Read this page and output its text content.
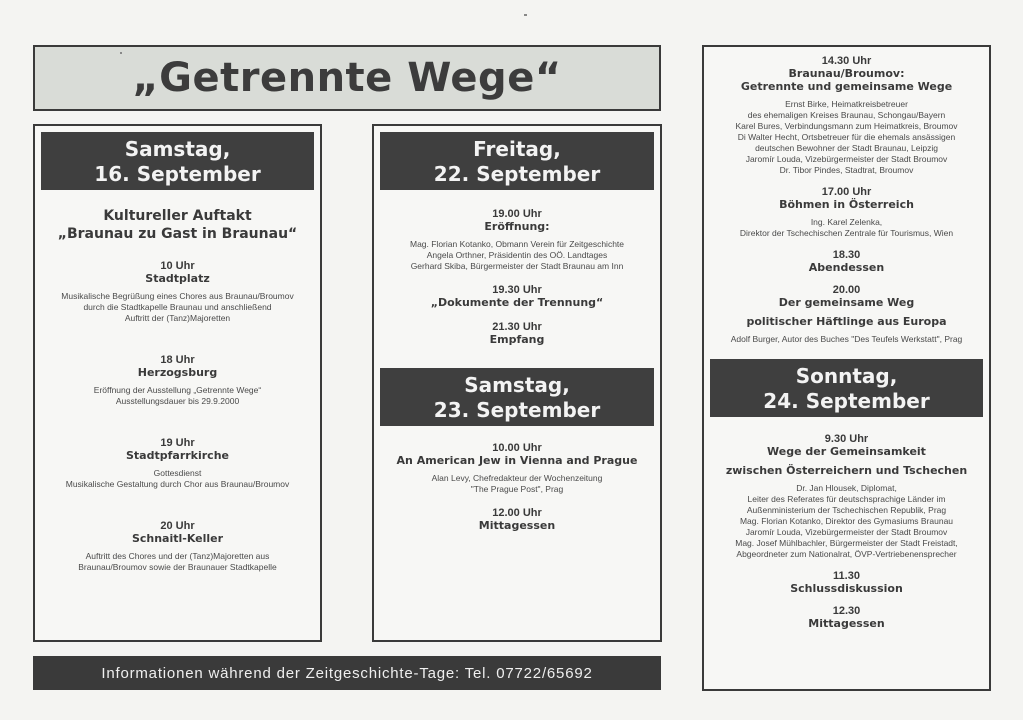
„Getrennte Wege“
Samstag,
16. September
Kultureller Auftakt
„Braunau zu Gast in Braunau“
10 Uhr
Stadtplatz
Musikalische Begrüßung eines Chores aus Braunau/Broumov
durch die Stadtkapelle Braunau und anschließend
Auftritt der (Tanz)Majoretten
18 Uhr
Herzogsburg
Eröffnung der Ausstellung „Getrennte Wege“
Ausstellungsdauer bis 29.9.2000
19 Uhr
Stadtpfarrkirche
Gottesdienst
Musikalische Gestaltung durch Chor aus Braunau/Broumov
20 Uhr
Schnaitl-Keller
Auftritt des Chores und der (Tanz)Majoretten aus
Braunau/Broumov sowie der Braunauer Stadtkapelle
Freitag,
22. September
19.00 Uhr
Eröffnung:
Mag. Florian Kotanko, Obmann Verein für Zeitgeschichte
Angela Orthner, Präsidentin des OÖ. Landtages
Gerhard Skiba, Bürgermeister der Stadt Braunau am Inn
19.30 Uhr
„Dokumente der Trennung“
21.30 Uhr
Empfang
Samstag,
23. September
10.00 Uhr
An American Jew in Vienna and Prague
Alan Levy, Chefredakteur der Wochenzeitung
"The Prague Post", Prag
12.00 Uhr
Mittagessen
14.30 Uhr
Braunau/Broumov:
Getrennte und gemeinsame Wege
Ernst Birke, Heimatkreisbetreuer
des ehemaligen Kreises Braunau, Schongau/Bayern
Karel Bures, Verbindungsmann zum Heimatkreis, Broumov
Di Walter Hecht, Ortsbetreuer für die ehemals ansässigen
deutschen Bewohner der Stadt Braunau, Leipzig
Jaromír Louda, Vizebürgermeister der Stadt Broumov
Dr. Tibor Pindes, Stadtrat, Broumov
17.00 Uhr
Böhmen in Österreich
Ing. Karel Zelenka,
Direktor der Tschechischen Zentrale für Tourismus, Wien
18.30
Abendessen
20.00
Der gemeinsame Weg
politischer Häftlinge aus Europa
Adolf Burger, Autor des Buches "Des Teufels Werkstatt", Prag
Sonntag,
24. September
9.30 Uhr
Wege der Gemeinsamkeit
zwischen Österreichern und Tschechen
Dr. Jan Hlousek, Diplomat,
Leiter des Referates für deutschsprachige Länder im
Außenministerium der Tschechischen Republik, Prag
Mag. Florian Kotanko, Direktor des Gymasiums Braunau
Jaromír Louda, Vizebürgermeister der Stadt Broumov
Mag. Josef Mühlbachler, Bürgermeister der Stadt Freistadt,
Abgeordneter zum Nationalrat, ÖVP-Vertriebenensprecher
11.30
Schlussdiskussion
12.30
Mittagessen
Informationen während der Zeitgeschichte-Tage: Tel. 07722/65692
